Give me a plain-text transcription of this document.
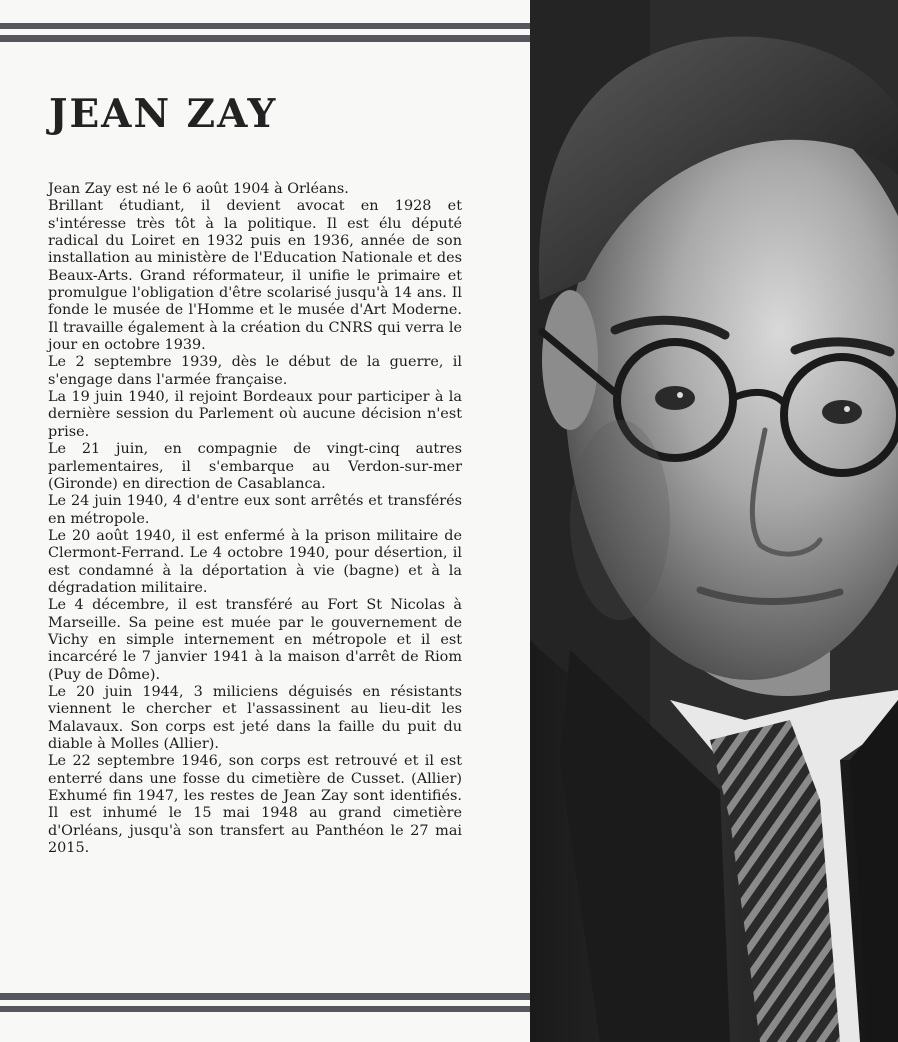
JEAN ZAY

Jean Zay est né le 6 août 1904 à Orléans.

Brillant étudiant, il devient avocat en 1928 et s'intéresse très tôt à la politique. Il est élu député radical du Loiret en 1932 puis en 1936, année de son installation au ministère de l'Education Nationale et des Beaux-Arts. Grand réformateur, il unifie le primaire et promulgue l'obligation d'être scolarisé jusqu'à 14 ans. Il fonde le musée de l'Homme et le musée d'Art Moderne. Il travaille également à la création du CNRS qui verra le jour en octobre 1939.

Le 2 septembre 1939, dès le début de la guerre, il s'engage dans l'armée française.

La 19 juin 1940, il rejoint Bordeaux pour participer à la dernière session du Parlement où aucune décision n'est prise.

Le 21 juin, en compagnie de vingt-cinq autres parlementaires, il s'embarque au Verdon-sur-mer (Gironde) en direction de Casablanca.

Le 24 juin 1940, 4 d'entre eux sont arrêtés et transférés en métropole.

Le 20 août 1940, il est enfermé à la prison militaire de Clermont-Ferrand. Le 4 octobre 1940, pour désertion, il est condamné à la déportation à vie (bagne) et à la dégradation militaire.

Le 4 décembre, il est transféré au Fort St Nicolas à Marseille. Sa peine est muée par le gouvernement de Vichy en simple internement en métropole et il est incarcéré le 7 janvier 1941 à la maison d'arrêt de Riom (Puy de Dôme).

Le 20 juin 1944, 3 miliciens déguisés en résistants viennent le chercher et l'assassinent au lieu-dit les Malavaux. Son corps est jeté dans la faille du puit du diable à Molles (Allier).

Le 22 septembre 1946, son corps est retrouvé et il est enterré dans une fosse du cimetière de Cusset. (Allier) Exhumé fin 1947, les restes de Jean Zay sont identifiés. Il est inhumé le 15 mai 1948 au grand cimetière d'Orléans, jusqu'à son transfert au Panthéon le 27 mai 2015.
